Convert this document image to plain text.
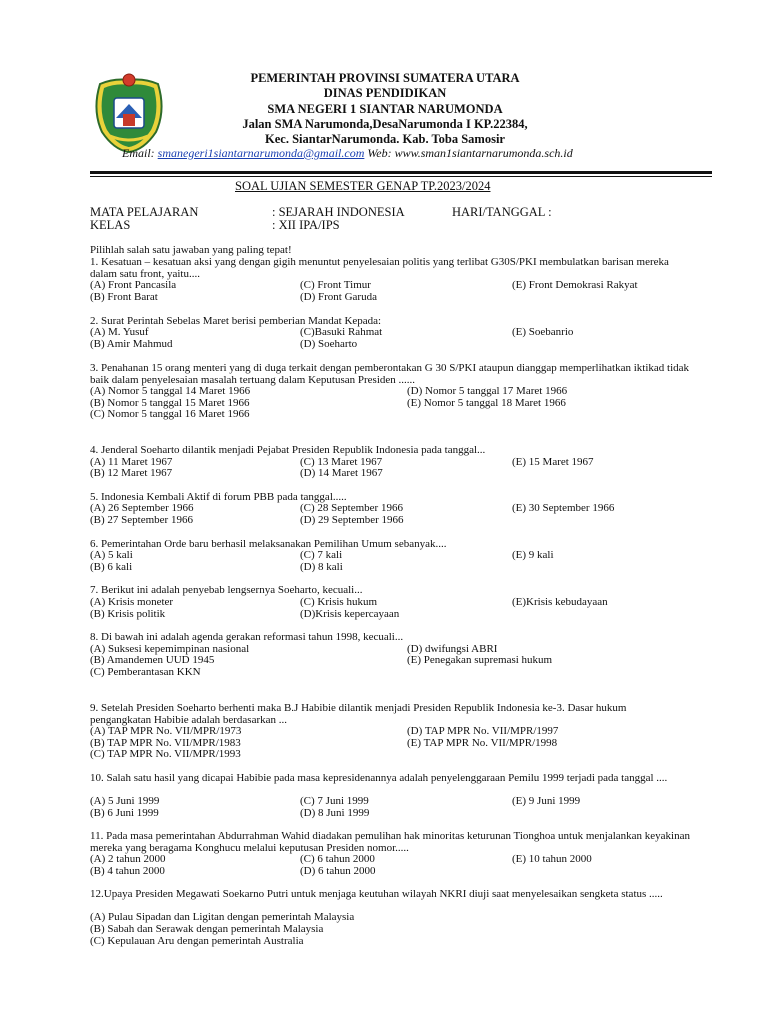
PEMERINTAH PROVINSI SUMATERA UTARA
DINAS PENDIDIKAN
SMA NEGERI 1 SIANTAR NARUMONDA
Jalan SMA Narumonda,DesaNarumonda I KP.22384,
Kec. SiantarNarumonda. Kab. Toba Samosir
Email: smanegeri1siantarnarumonda@gmail.com Web: www.sman1siantarnarumonda.sch.id
SOAL UJIAN SEMESTER GENAP TP.2023/2024
MATA PELAJARAN	: SEJARAH INDONESIA	HARI/TANGGAL :
KELAS	: XII IPA/IPS
Pilihlah salah satu jawaban yang paling tepat!
1. Kesatuan – kesatuan aksi yang dengan gigih menuntut penyelesaian politis yang terlibat G30S/PKI membulatkan barisan mereka dalam satu front, yaitu....
(A) Front Pancasila
(B) Front Barat
(C) Front Timur
(D) Front Garuda
(E) Front Demokrasi Rakyat
2. Surat Perintah Sebelas Maret berisi pemberian Mandat Kepada:
(A) M. Yusuf
(B) Amir Mahmud
(C)Basuki Rahmat
(D) Soeharto
(E) Soebanrio
3. Penahanan 15 orang menteri yang di duga terkait dengan pemberontakan G 30 S/PKI ataupun dianggap memperlihatkan iktikad tidak baik dalam penyelesaian masalah tertuang dalam Keputusan Presiden ......
(A) Nomor 5 tanggal 14 Maret 1966
(B) Nomor 5 tanggal 15 Maret 1966
(C) Nomor 5 tanggal 16 Maret 1966
(D) Nomor 5 tanggal 17 Maret 1966
(E) Nomor 5 tanggal 18 Maret 1966
4. Jenderal Soeharto dilantik menjadi Pejabat Presiden Republik Indonesia pada tanggal...
(A) 11 Maret 1967
(B) 12 Maret 1967
(C) 13 Maret 1967
(D) 14 Maret 1967
(E) 15 Maret 1967
5. Indonesia Kembali Aktif di forum PBB pada tanggal.....
(A) 26 September 1966
(B) 27 September 1966
(C) 28 September 1966
(D) 29 September 1966
(E) 30 September 1966
6. Pemerintahan Orde baru berhasil melaksanakan Pemilihan Umum sebanyak....
(A) 5 kali
(B) 6 kali
(C) 7 kali
(D) 8 kali
(E) 9 kali
7. Berikut ini adalah penyebab lengsernya Soeharto, kecuali...
(A) Krisis moneter
(B) Krisis politik
(C) Krisis hukum
(D)Krisis kepercayaan
(E)Krisis kebudayaan
8. Di bawah ini adalah agenda gerakan reformasi tahun 1998, kecuali...
(A) Suksesi kepemimpinan nasional
(B) Amandemen UUD 1945
(C) Pemberantasan KKN
(D) dwifungsi ABRI
(E) Penegakan supremasi hukum
9. Setelah Presiden Soeharto berhenti maka B.J Habibie dilantik menjadi Presiden Republik Indonesia ke-3. Dasar hukum pengangkatan Habibie adalah berdasarkan ...
(A) TAP MPR No. VII/MPR/1973
(B) TAP MPR No. VII/MPR/1983
(C) TAP MPR No. VII/MPR/1993
(D) TAP MPR No. VII/MPR/1997
(E) TAP MPR No. VII/MPR/1998
10. Salah satu hasil yang dicapai Habibie pada masa kepresidenannya adalah penyelenggaraan Pemilu 1999 terjadi pada tanggal ....
(A) 5 Juni 1999
(B) 6 Juni 1999
(C) 7 Juni 1999
(D) 8 Juni 1999
(E) 9 Juni 1999
11. Pada masa pemerintahan Abdurrahman Wahid diadakan pemulihan hak minoritas keturunan Tionghoa untuk menjalankan keyakinan mereka yang beragama Konghucu melalui keputusan Presiden nomor.....
(A) 2 tahun 2000
(B) 4 tahun 2000
(C) 6 tahun 2000
(D) 6 tahun 2000
(E) 10 tahun 2000
12.Upaya Presiden Megawati Soekarno Putri untuk menjaga keutuhan wilayah NKRI diuji saat menyelesaikan sengketa status .....
(A) Pulau Sipadan dan Ligitan dengan pemerintah Malaysia
(B) Sabah dan Serawak dengan pemerintah Malaysia
(C) Kepulauan Aru dengan pemerintah Australia
